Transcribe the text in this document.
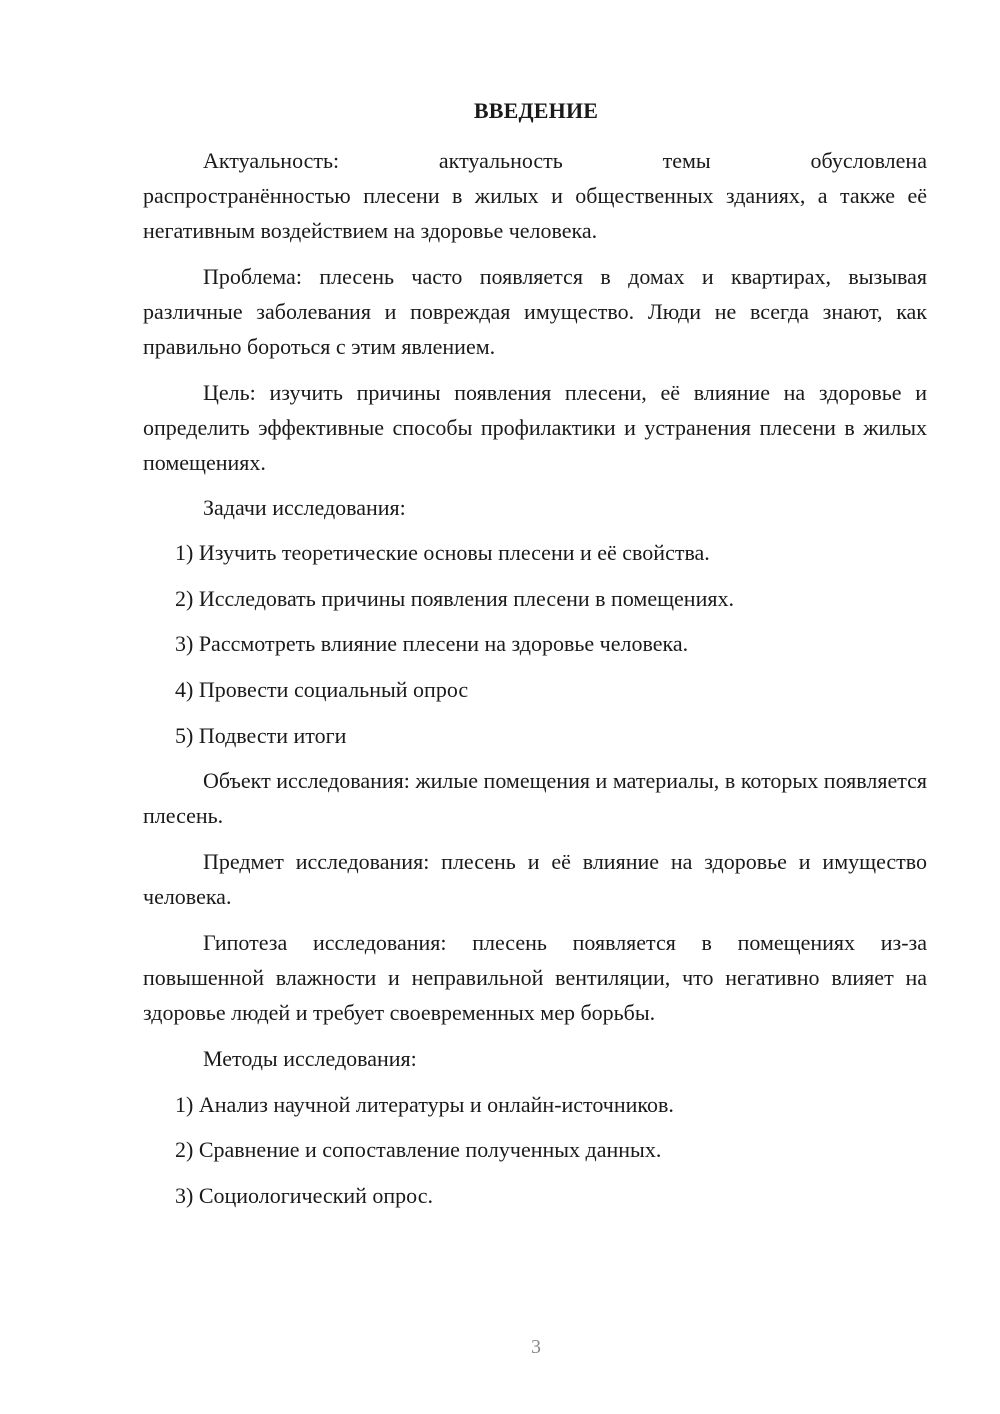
ВВЕДЕНИЕ
Актуальность:	актуальность	темы	обусловлена
распространённостью плесени в жилых и общественных зданиях, а также её негативным воздействием на здоровье человека.
Проблема: плесень часто появляется в домах и квартирах, вызывая различные заболевания и повреждая имущество. Люди не всегда знают, как правильно бороться с этим явлением.
Цель: изучить причины появления плесени, её влияние на здоровье и определить эффективные способы профилактики и устранения плесени в жилых помещениях.
Задачи исследования:
1) Изучить теоретические основы плесени и её свойства.
2) Исследовать причины появления плесени в помещениях.
3) Рассмотреть влияние плесени на здоровье человека.
4) Провести социальный опрос
5) Подвести итоги
Объект исследования: жилые помещения и материалы, в которых появляется плесень.
Предмет исследования: плесень и её влияние на здоровье и имущество человека.
Гипотеза исследования: плесень появляется в помещениях из-за повышенной влажности и неправильной вентиляции, что негативно влияет на здоровье людей и требует своевременных мер борьбы.
Методы исследования:
1) Анализ научной литературы и онлайн-источников.
2) Сравнение и сопоставление полученных данных.
3) Социологический опрос.
3
